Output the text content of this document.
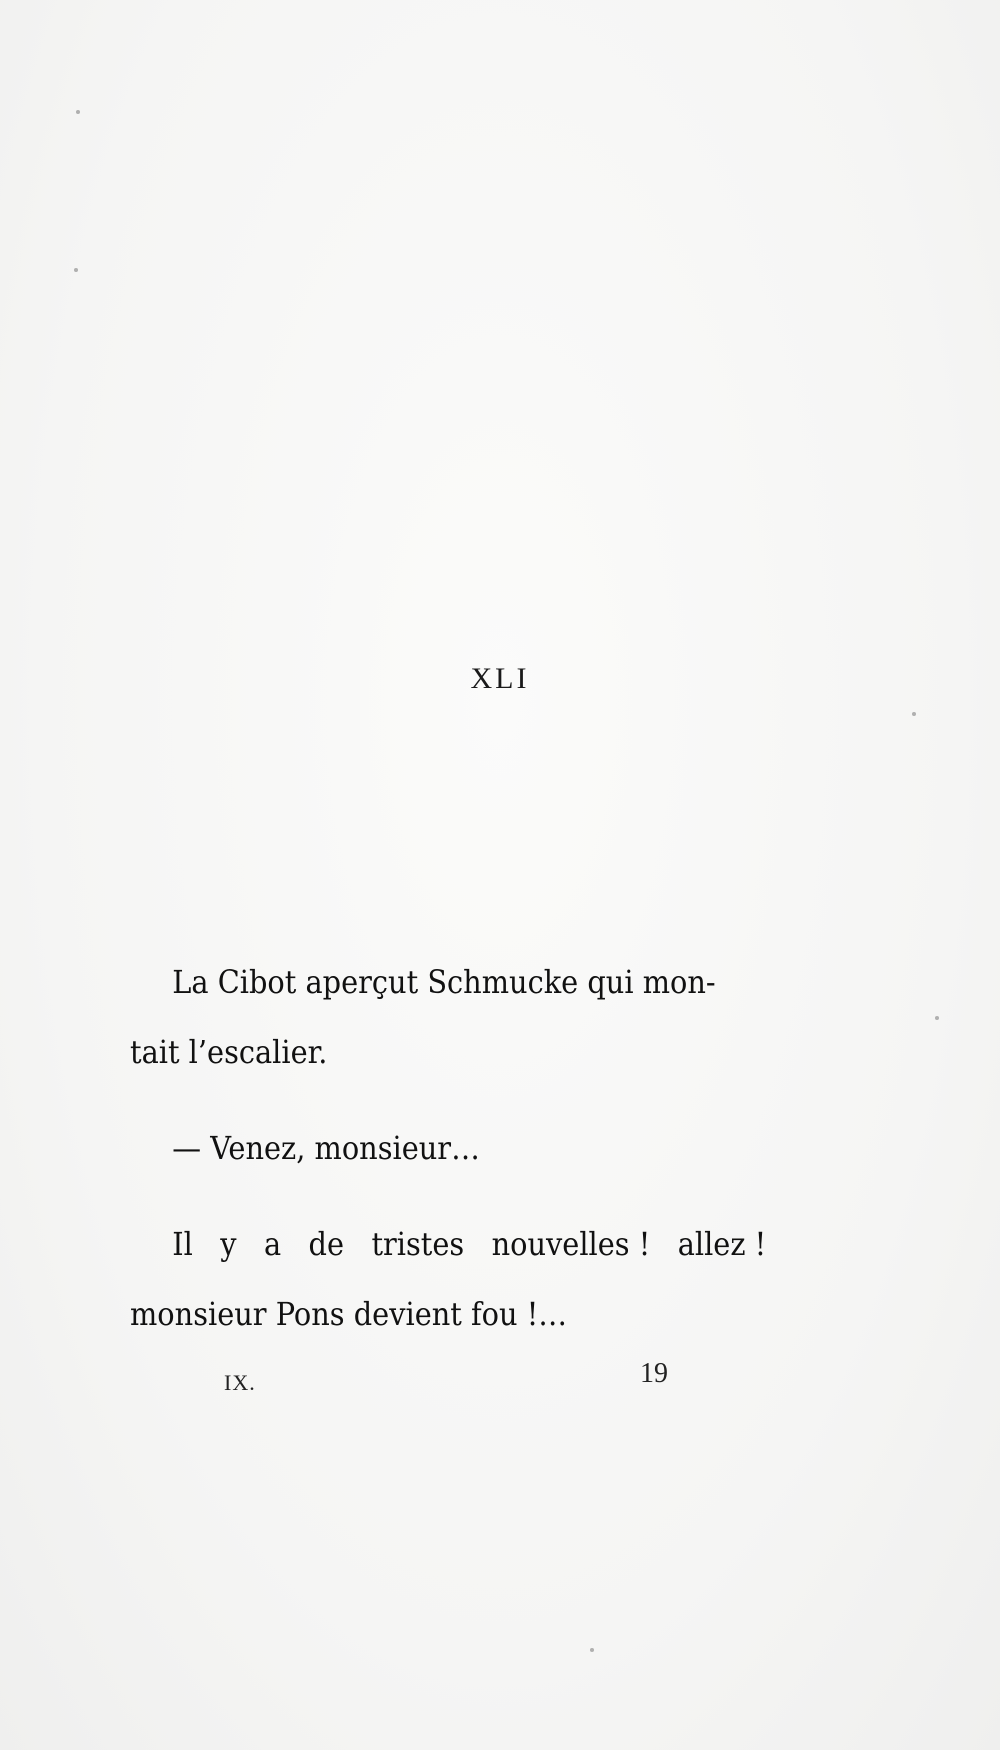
XLI
La Cibot aperçut Schmucke qui mon-
tait l’escalier.
— Venez, monsieur…
Il y a de tristes nouvelles ! allez !
monsieur Pons devient fou !…
IX.	19
